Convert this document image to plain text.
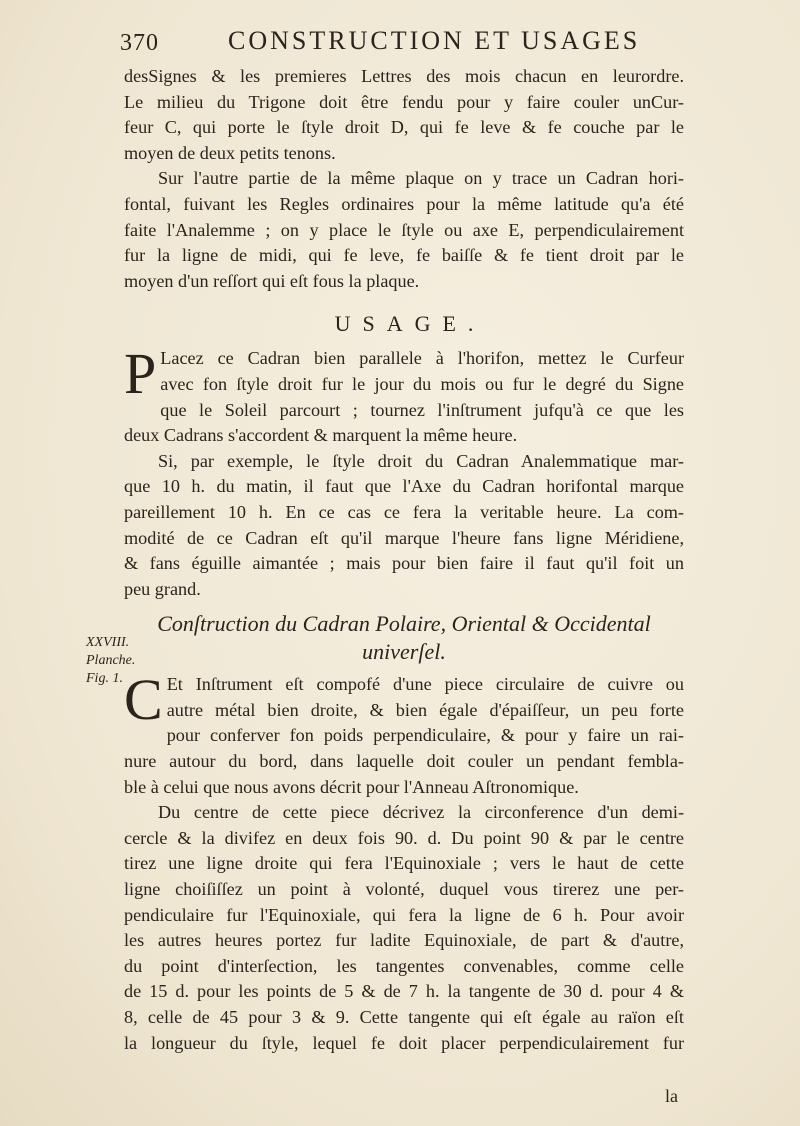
370	CONSTRUCTION ET USAGES
XXVIII.
Planche.
Fig. 1.
desSignes & les premieres Lettres des mois chacun en leurordre.
Le milieu du Trigone doit être fendu pour y faire couler unCur-
feur C, qui porte le ſtyle droit D, qui fe leve & fe couche par le
moyen de deux petits tenons.
Sur l'autre partie de la même plaque on y trace un Cadran hori-
fontal, fuivant les Regles ordinaires pour la même latitude qu'a été
faite l'Analemme ; on y place le ſtyle ou axe E, perpendiculairement
fur la ligne de midi, qui fe leve, fe baiſſe & fe tient droit par le
moyen d'un reſſort qui eſt fous la plaque.
USAGE.
P Lacez ce Cadran bien parallele à l'horifon, mettez le Curfeur
avec fon ſtyle droit fur le jour du mois ou fur le degré du Signe
que le Soleil parcourt ; tournez l'inſtrument jufqu'à ce que les
deux Cadrans s'accordent & marquent la même heure.
Si, par exemple, le ſtyle droit du Cadran Analemmatique mar-
que 10 h. du matin, il faut que l'Axe du Cadran horifontal marque
pareillement 10 h. En ce cas ce fera la veritable heure. La com-
modité de ce Cadran eſt qu'il marque l'heure fans ligne Méridiene,
& fans éguille aimantée ; mais pour bien faire il faut qu'il foit un
peu grand.
Conſtruction du Cadran Polaire, Oriental & Occidental
univerſel.
C Et Inſtrument eſt compofé d'une piece circulaire de cuivre ou
autre métal bien droite, & bien égale d'épaiſſeur, un peu forte
pour conferver fon poids perpendiculaire, & pour y faire un rai-
nure autour du bord, dans laquelle doit couler un pendant fembla-
ble à celui que nous avons décrit pour l'Anneau Aſtronomique.
Du centre de cette piece décrivez la circonference d'un demi-
cercle & la divifez en deux fois 90. d. Du point 90 & par le centre
tirez une ligne droite qui fera l'Equinoxiale ; vers le haut de cette
ligne choiſiſſez un point à volonté, duquel vous tirerez une per-
pendiculaire fur l'Equinoxiale, qui fera la ligne de 6 h. Pour avoir
les autres heures portez fur ladite Equinoxiale, de part & d'autre,
du point d'interſection, les tangentes convenables, comme celle
de 15 d. pour les points de 5 & de 7 h. la tangente de 30 d. pour 4 &
8, celle de 45 pour 3 & 9. Cette tangente qui eſt égale au raïon eſt
la longueur du ſtyle, lequel fe doit placer perpendiculairement fur
la
